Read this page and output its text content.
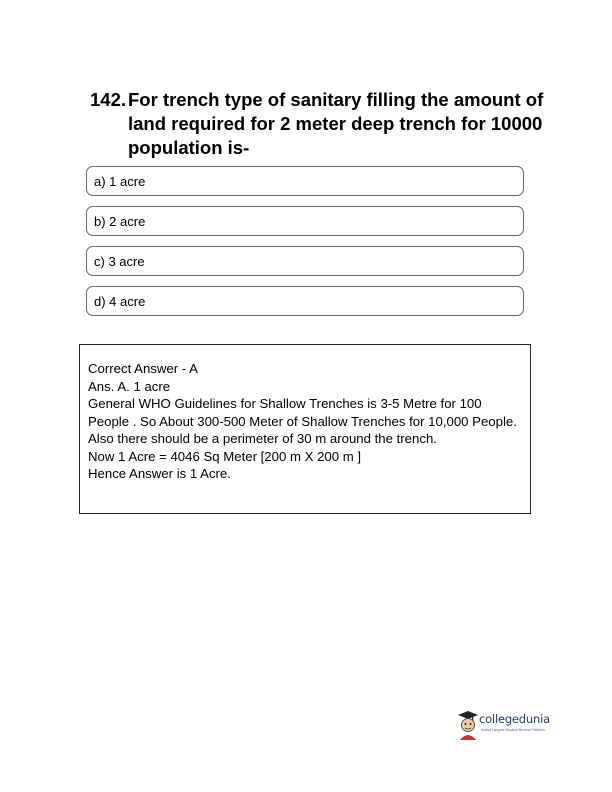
142. For trench type of sanitary filling the amount of land required for 2 meter deep trench for 10000 population is-
a) 1 acre
b) 2 acre
c) 3 acre
d) 4 acre
Correct Answer - A
Ans. A. 1 acre
General WHO Guidelines for Shallow Trenches is 3-5 Metre for 100 People . So About 300-500 Meter of Shallow Trenches for 10,000 People.
Also there should be a perimeter of 30 m around the trench.
Now 1 Acre = 4046 Sq Meter [200 m X 200 m ]
Hence Answer is 1 Acre.
collegedunia
India's Largest Student Review Platform
